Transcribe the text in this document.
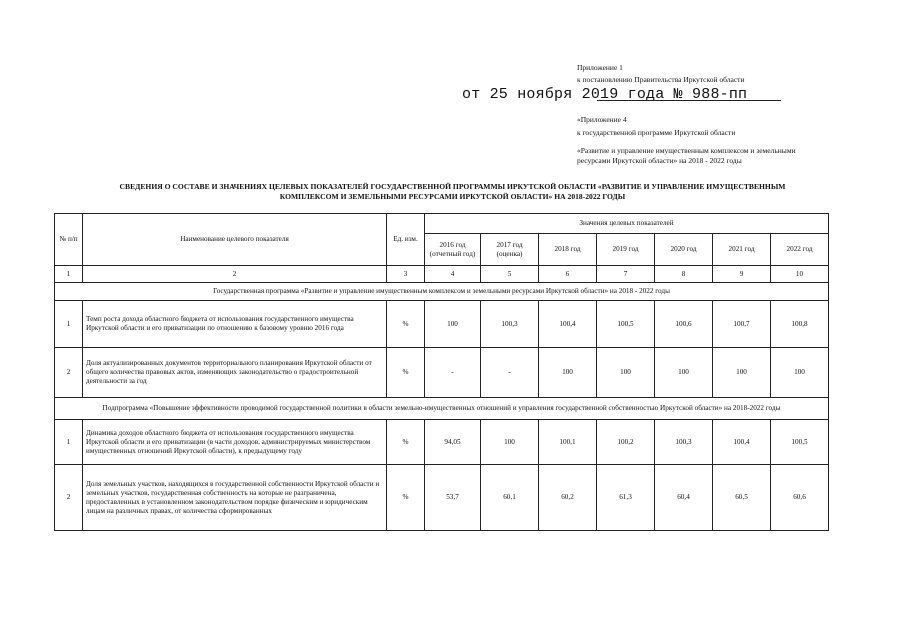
Приложение 1
к постановлению Правительства Иркутской области
от 25 ноября 2019 года № 988-пп
«Приложение 4
к государственной программе Иркутской области
«Развитие и управление имущественным комплексом и земельными
ресурсами Иркутской области» на 2018 - 2022 годы
СВЕДЕНИЯ О СОСТАВЕ И ЗНАЧЕНИЯХ ЦЕЛЕВЫХ ПОКАЗАТЕЛЕЙ ГОСУДАРСТВЕННОЙ ПРОГРАММЫ ИРКУТСКОЙ ОБЛАСТИ «РАЗВИТИЕ И УПРАВЛЕНИЕ ИМУЩЕСТВЕННЫМ
КОМПЛЕКСОМ И ЗЕМЕЛЬНЫМИ РЕСУРСАМИ ИРКУТСКОЙ ОБЛАСТИ» НА 2018-2022 ГОДЫ
№ п/п	Наименование целевого показателя	Ед. изм.	Значения целевых показателей						
			2016 год (отчетный год)	2017 год (оценка)	2018 год	2019 год	2020 год	2021 год	2022 год
1	2	3	4	5	6	7	8	9	10
Государственная программа «Развитие и управление имущественным комплексом и земельными ресурсами Иркутской области» на 2018 - 2022 годы									
1	Темп роста дохода областного бюджета от использования государственного имущества Иркутской области и его приватизации по отношению к базовому уровню 2016 года	%	100	100,3	100,4	100,5	100,6	100,7	100,8
2	Доля актуализированных документов территориального планирования Иркутской области от общего количества правовых актов, изменяющих законодательство о градостроительной деятельности за год	%	-	-	100	100	100	100	100
Подпрограмма «Повышение эффективности проводимой государственной политики в области земельно-имущественных отношений и управления государственной собственностью Иркутской области» на 2018-2022 годы									
1	Динамика доходов областного бюджета от использования государственного имущества Иркутской области и его приватизации (в части доходов, администрируемых министерством имущественных отношений Иркутской области), к предыдущему году	%	94,05	100	100,1	100,2	100,3	100,4	100,5
2	Доля земельных участков, находящихся в государственной собственности Иркутской области и земельных участков, государственная собственность на которые не разграничена, предоставленных в установленном законодательством порядке физическим и юридическим лицам на различных правах, от количества сформированных	%	53,7	60,1	60,2	61,3	60,4	60,5	60,6
